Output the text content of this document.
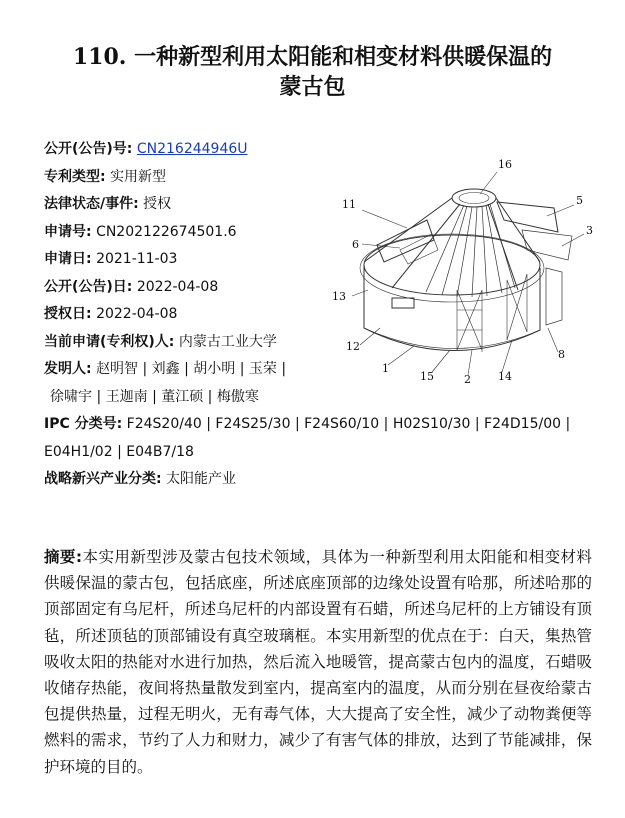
110. 一种新型利用太阳能和相变材料供暖保温的
蒙古包
公开(公告)号: CN216244946U
专利类型: 实用新型
法律状态/事件: 授权
申请号: CN202122674501.6
申请日: 2021-11-03
公开(公告)日: 2022-04-08
授权日: 2022-04-08
当前申请(专利权)人: 内蒙古工业大学
发明人: 赵明智 | 刘鑫 | 胡小明 | 玉荣 |
徐啸宇 | 王迦南 | 董江硕 | 梅傲寒
IPC 分类号: F24S20/40 | F24S25/30 | F24S60/10 | H02S10/30 | F24D15/00 |
E04H1/02 | E04B7/18
战略新兴产业分类: 太阳能产业
16
11
6
5
3
13
12
1
15	2 14
8

摘要:本实用新型涉及蒙古包技术领域，具体为一种新型利用太阳能和相变材料供暖保温的蒙古包，包括底座，所述底座顶部的边缘处设置有哈那，所述哈那的顶部固定有乌尼杆，所述乌尼杆的内部设置有石蜡，所述乌尼杆的上方铺设有顶毡，所述顶毡的顶部铺设有真空玻璃框。本实用新型的优点在于：白天，集热管吸收太阳的热能对水进行加热，然后流入地暖管，提高蒙古包内的温度，石蜡吸收储存热能，夜间将热量散发到室内，提高室内的温度，从而分别在昼夜给蒙古包提供热量，过程无明火，无有毒气体，大大提高了安全性，减少了动物粪便等燃料的需求，节约了人力和财力，减少了有害气体的排放，达到了节能减排，保护环境的目的。
